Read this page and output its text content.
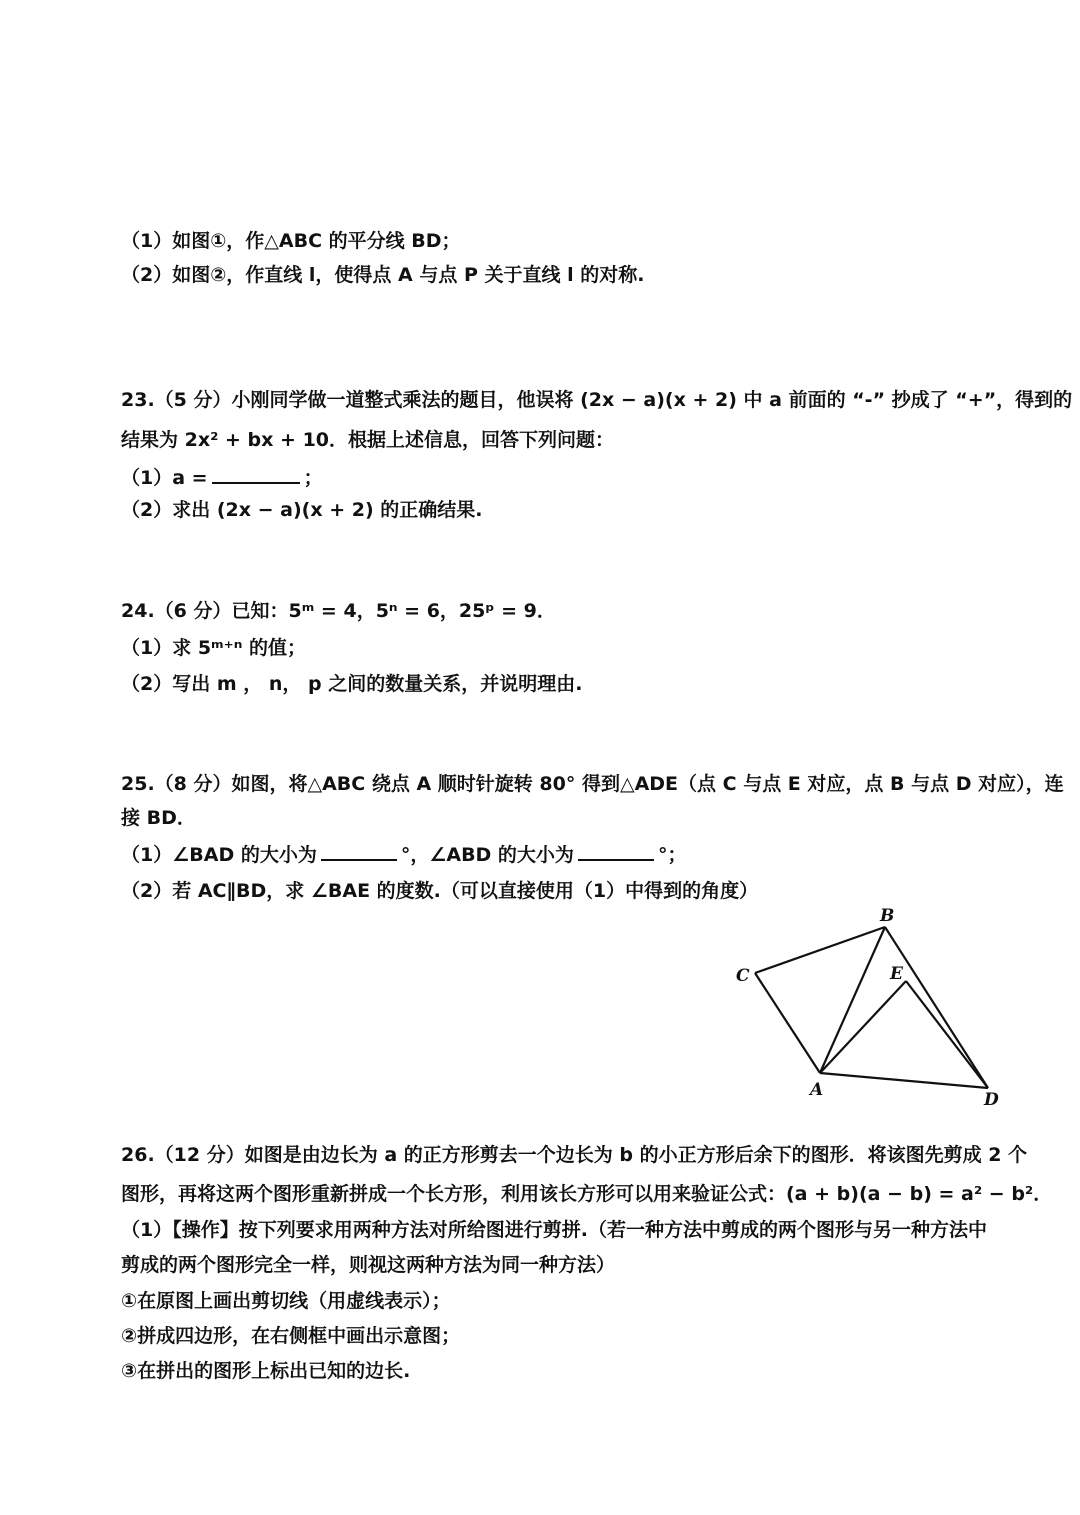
（1）如图①，作△ABC 的平分线 BD；
（2）如图②，作直线 l，使得点 A 与点 P 关于直线 l 的对称.
23.（5 分）小刚同学做一道整式乘法的题目，他误将 (2x − a)(x + 2) 中 a 前面的 “-” 抄成了 “+”，得到的
结果为 2x² + bx + 10．根据上述信息，回答下列问题：
（1）a =	；
（2）求出 (2x − a)(x + 2) 的正确结果.
24.（6 分）已知：5ᵐ = 4，5ⁿ = 6，25ᵖ = 9．
（1）求 5ᵐ⁺ⁿ 的值；
（2）写出 m ， n， p 之间的数量关系，并说明理由.
25.（8 分）如图，将△ABC 绕点 A 顺时针旋转 80° 得到△ADE（点 C 与点 E 对应，点 B 与点 D 对应），连
接 BD．
（1）∠BAD 的大小为	°，∠ABD 的大小为	°；
（2）若 AC∥BD，求 ∠BAE 的度数.（可以直接使用（1）中得到的角度）
C
B
E
A	D
26.（12 分）如图是由边长为 a 的正方形剪去一个边长为 b 的小正方形后余下的图形．将该图先剪成 2 个
图形，再将这两个图形重新拼成一个长方形，利用该长方形可以用来验证公式：(a + b)(a − b) = a² − b²．
（1）【操作】按下列要求用两种方法对所给图进行剪拼.（若一种方法中剪成的两个图形与另一种方法中
剪成的两个图形完全一样，则视这两种方法为同一种方法）
①在原图上画出剪切线（用虚线表示）；
②拼成四边形，在右侧框中画出示意图；
③在拼出的图形上标出已知的边长.
